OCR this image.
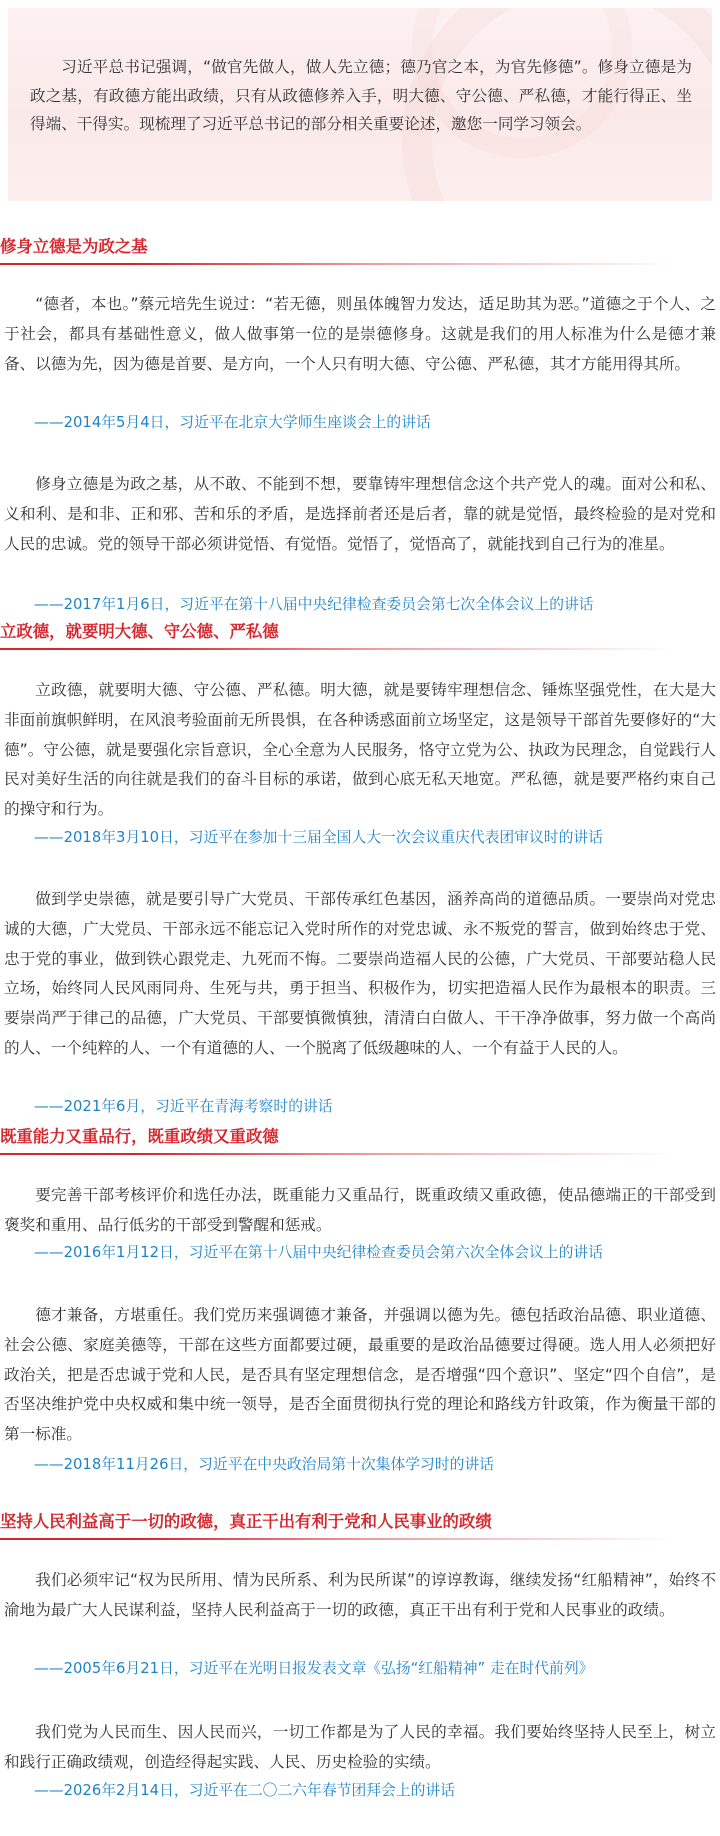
习近平总书记强调，“做官先做人，做人先立德；德乃官之本，为官先修德”。修身立德是为政之基，有政德方能出政绩，只有从政德修养入手，明大德、守公德、严私德，才能行得正、坐得端、干得实。现梳理了习近平总书记的部分相关重要论述，邀您一同学习领会。

修身立德是为政之基

“德者，本也。”蔡元培先生说过：“若无德，则虽体魄智力发达，适足助其为恶。”道德之于个人、之于社会，都具有基础性意义，做人做事第一位的是崇德修身。这就是我们的用人标准为什么是德才兼备、以德为先，因为德是首要、是方向，一个人只有明大德、守公德、严私德，其才方能用得其所。

——2014年5月4日，习近平在北京大学师生座谈会上的讲话

修身立德是为政之基，从不敢、不能到不想，要靠铸牢理想信念这个共产党人的魂。面对公和私、义和利、是和非、正和邪、苦和乐的矛盾，是选择前者还是后者，靠的就是觉悟，最终检验的是对党和人民的忠诚。党的领导干部必须讲觉悟、有觉悟。觉悟了，觉悟高了，就能找到自己行为的准星。

——2017年1月6日，习近平在第十八届中央纪律检查委员会第七次全体会议上的讲话
立政德，就要明大德、守公德、严私德

立政德，就要明大德、守公德、严私德。明大德，就是要铸牢理想信念、锤炼坚强党性，在大是大非面前旗帜鲜明，在风浪考验面前无所畏惧，在各种诱惑面前立场坚定，这是领导干部首先要修好的“大德”。守公德，就是要强化宗旨意识，全心全意为人民服务，恪守立党为公、执政为民理念，自觉践行人民对美好生活的向往就是我们的奋斗目标的承诺，做到心底无私天地宽。严私德，就是要严格约束自己的操守和行为。

——2018年3月10日，习近平在参加十三届全国人大一次会议重庆代表团审议时的讲话

做到学史崇德，就是要引导广大党员、干部传承红色基因，涵养高尚的道德品质。一要崇尚对党忠诚的大德，广大党员、干部永远不能忘记入党时所作的对党忠诚、永不叛党的誓言，做到始终忠于党、忠于党的事业，做到铁心跟党走、九死而不悔。二要崇尚造福人民的公德，广大党员、干部要站稳人民立场，始终同人民风雨同舟、生死与共，勇于担当、积极作为，切实把造福人民作为最根本的职责。三要崇尚严于律己的品德，广大党员、干部要慎微慎独，清清白白做人、干干净净做事，努力做一个高尚的人、一个纯粹的人、一个有道德的人、一个脱离了低级趣味的人、一个有益于人民的人。

——2021年6月，习近平在青海考察时的讲话
既重能力又重品行，既重政绩又重政德

要完善干部考核评价和选任办法，既重能力又重品行，既重政绩又重政德，使品德端正的干部受到褒奖和重用、品行低劣的干部受到警醒和惩戒。

——2016年1月12日，习近平在第十八届中央纪律检查委员会第六次全体会议上的讲话

德才兼备，方堪重任。我们党历来强调德才兼备，并强调以德为先。德包括政治品德、职业道德、社会公德、家庭美德等，干部在这些方面都要过硬，最重要的是政治品德要过得硬。选人用人必须把好政治关，把是否忠诚于党和人民，是否具有坚定理想信念，是否增强“四个意识”、坚定“四个自信”，是否坚决维护党中央权威和集中统一领导，是否全面贯彻执行党的理论和路线方针政策，作为衡量干部的第一标准。

——2018年11月26日，习近平在中央政治局第十次集体学习时的讲话
坚持人民利益高于一切的政德，真正干出有利于党和人民事业的政绩

我们必须牢记“权为民所用、情为民所系、利为民所谋”的谆谆教诲，继续发扬“红船精神”，始终不渝地为最广大人民谋利益，坚持人民利益高于一切的政德，真正干出有利于党和人民事业的政绩。

——2005年6月21日，习近平在光明日报发表文章《弘扬“红船精神” 走在时代前列》

我们党为人民而生、因人民而兴，一切工作都是为了人民的幸福。我们要始终坚持人民至上，树立和践行正确政绩观，创造经得起实践、人民、历史检验的实绩。

——2026年2月14日，习近平在二〇二六年春节团拜会上的讲话
